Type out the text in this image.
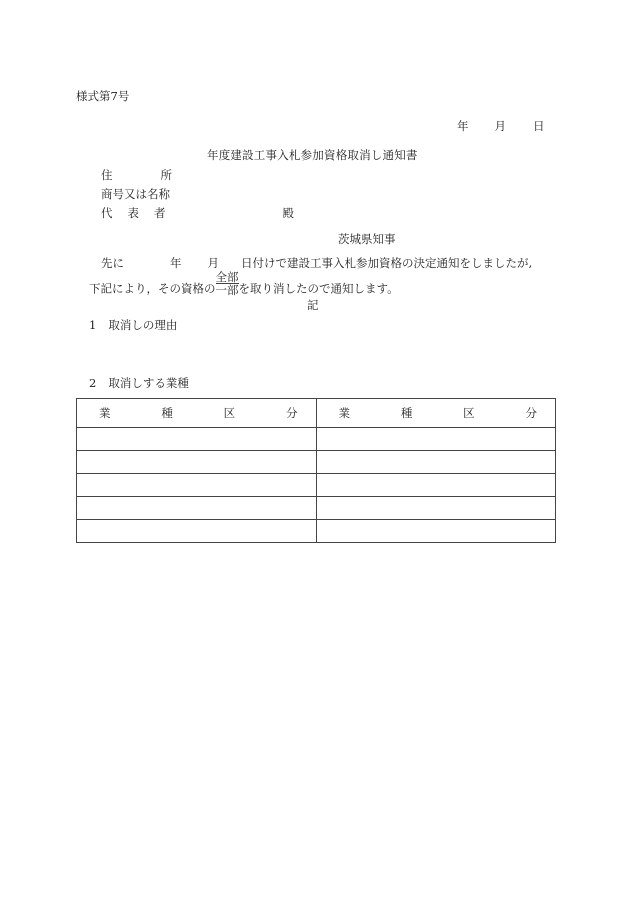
様式第7号
年 月 日
年度建設工事入札参加資格取消し通知書
住	所
商号又は名称
代 表 者	殿
茨城県知事
先に	年 月 日付けで建設工事入札参加資格の決定通知をしましたが,
下記により，その資格の
全部
一部 を取り消したので通知します。
記
1 取消しの理由
2 取消しする業種
業 種 区 分	業 種 区 分
